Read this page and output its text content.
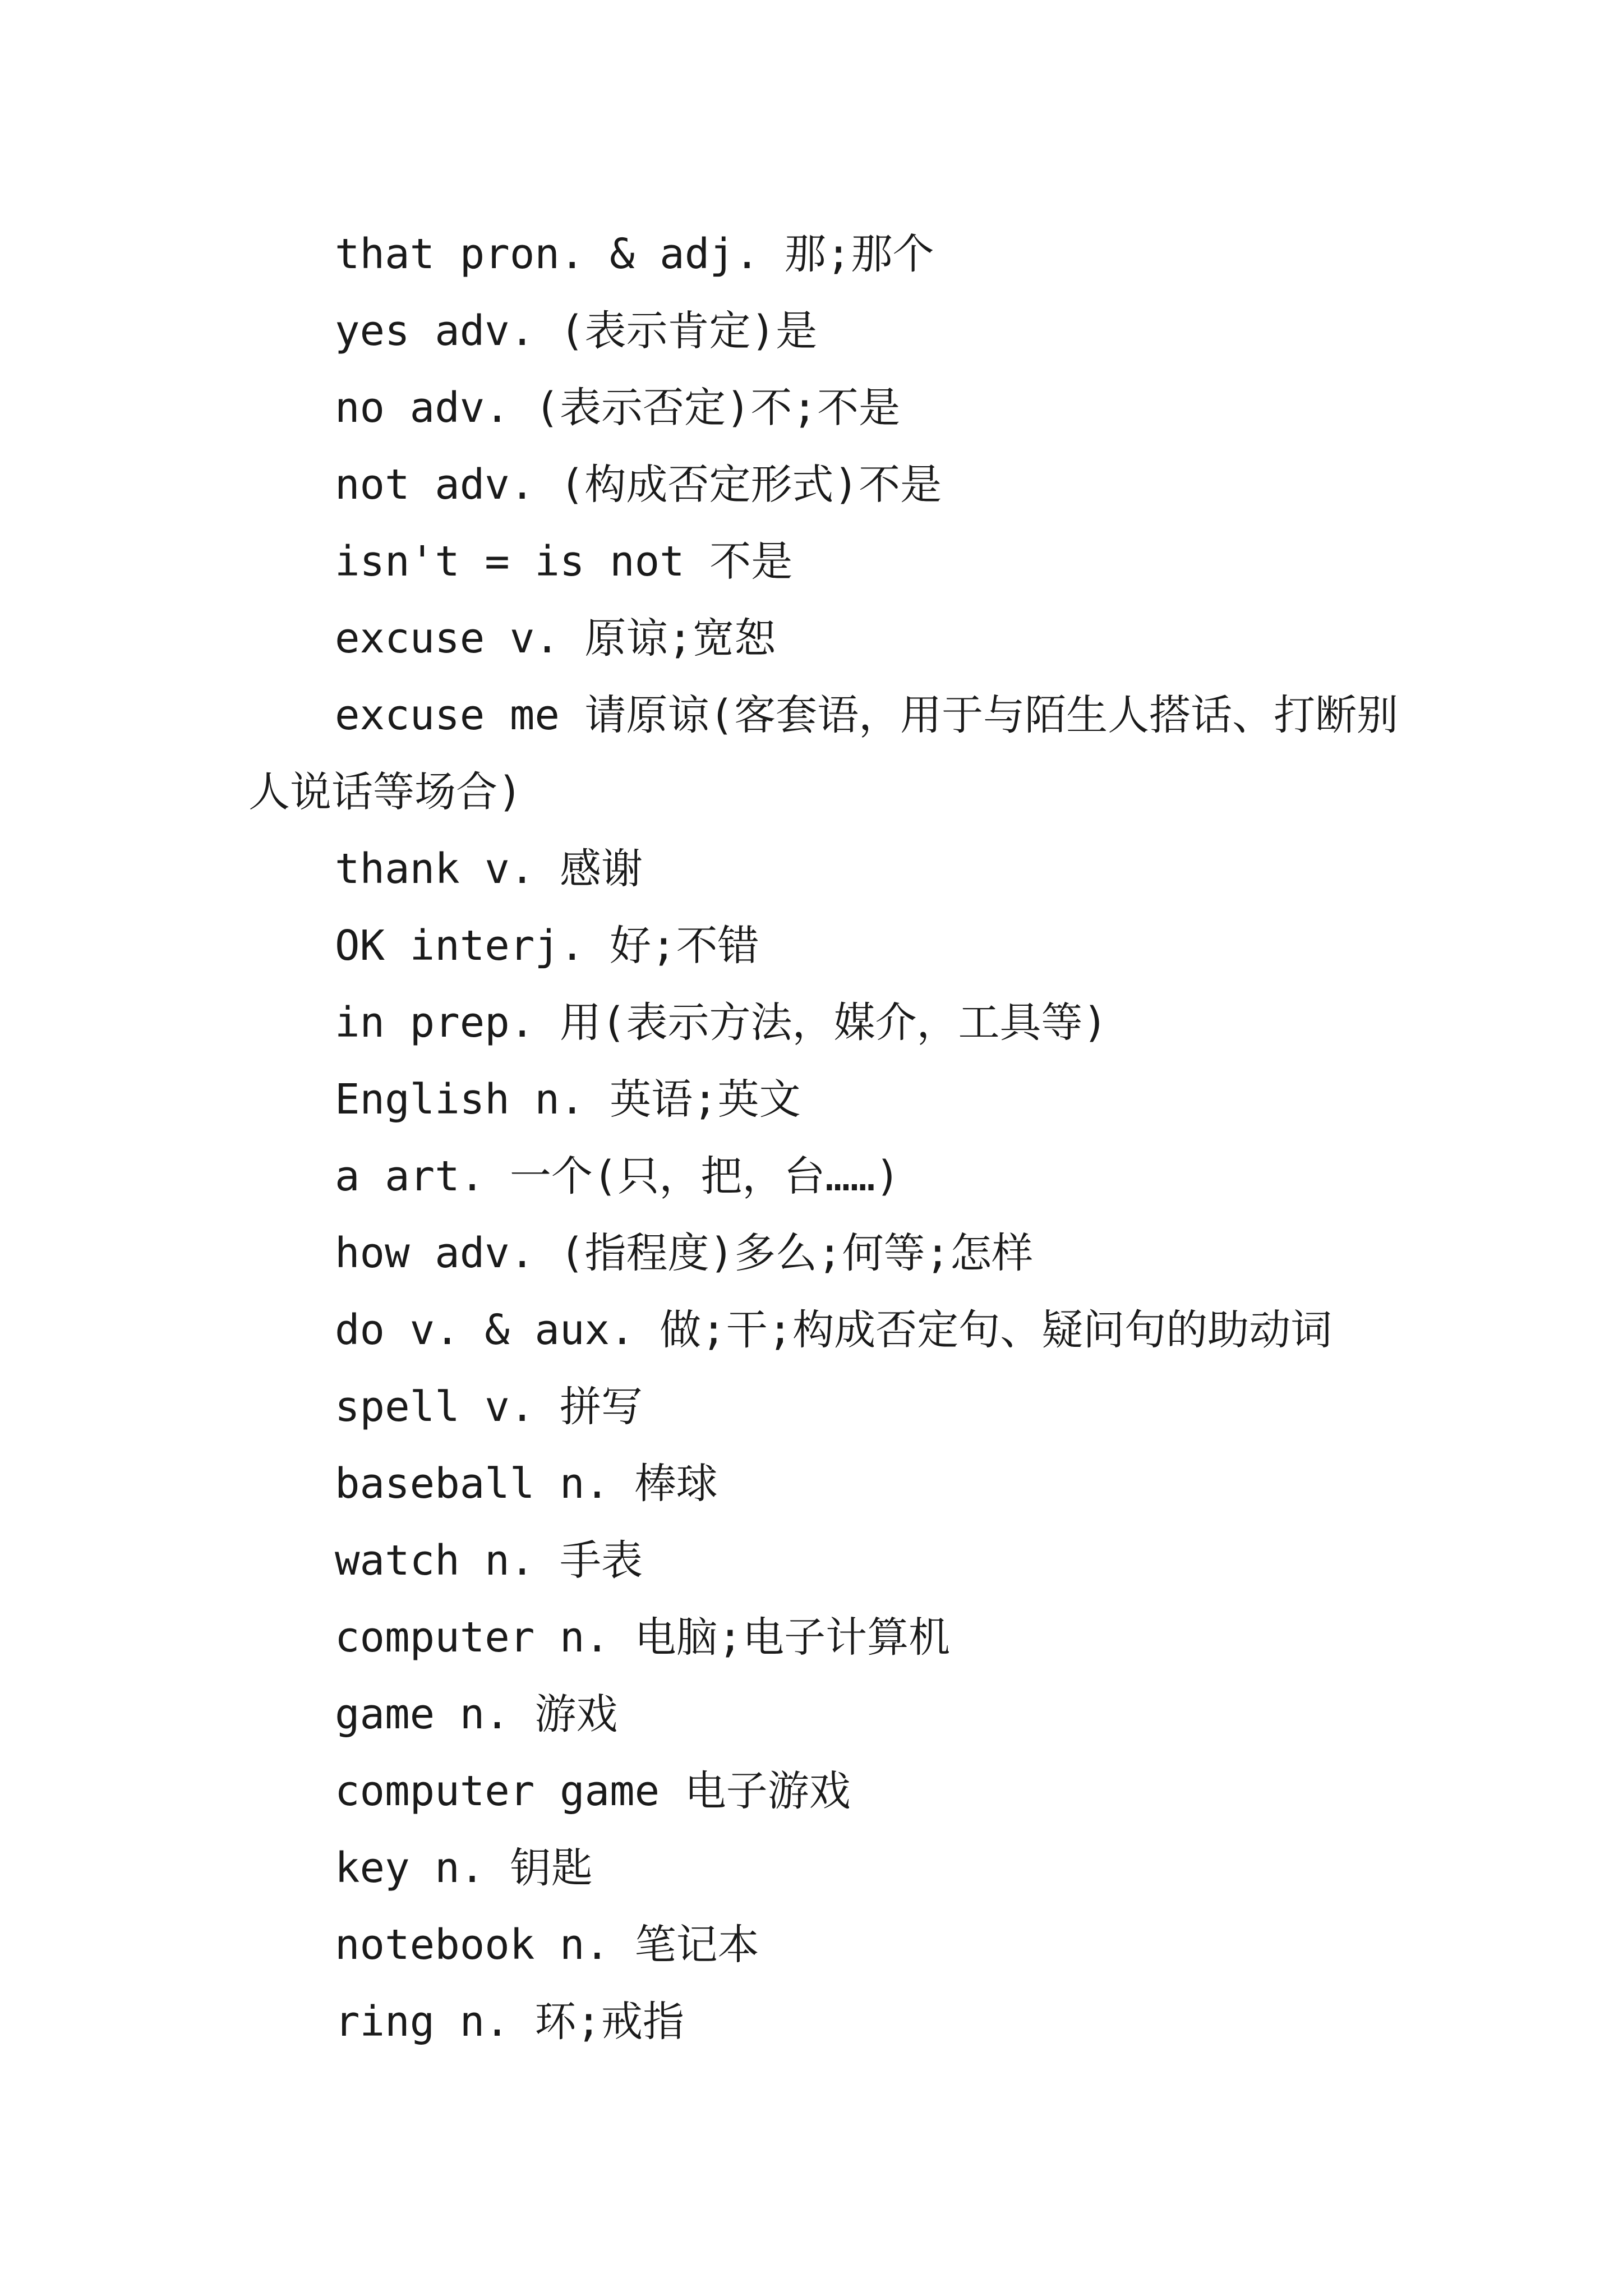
that pron. & adj. 那;那个

yes adv. (表示肯定)是

no adv. (表示否定)不;不是

not adv. (构成否定形式)不是

isn't = is not 不是

excuse v. 原谅;宽恕

excuse me 请原谅(客套语，用于与陌生人搭话、打断别人说话等场合)

thank v. 感谢

OK interj. 好;不错

in prep. 用(表示方法，媒介，工具等)

English n. 英语;英文

a art. 一个(只，把，台……)

how adv. (指程度)多么;何等;怎样

do v. & aux. 做;干;构成否定句、疑问句的助动词

spell v. 拼写

baseball n. 棒球

watch n. 手表

computer n. 电脑;电子计算机

game n. 游戏

computer game 电子游戏

key n. 钥匙

notebook n. 笔记本

ring n. 环;戒指
